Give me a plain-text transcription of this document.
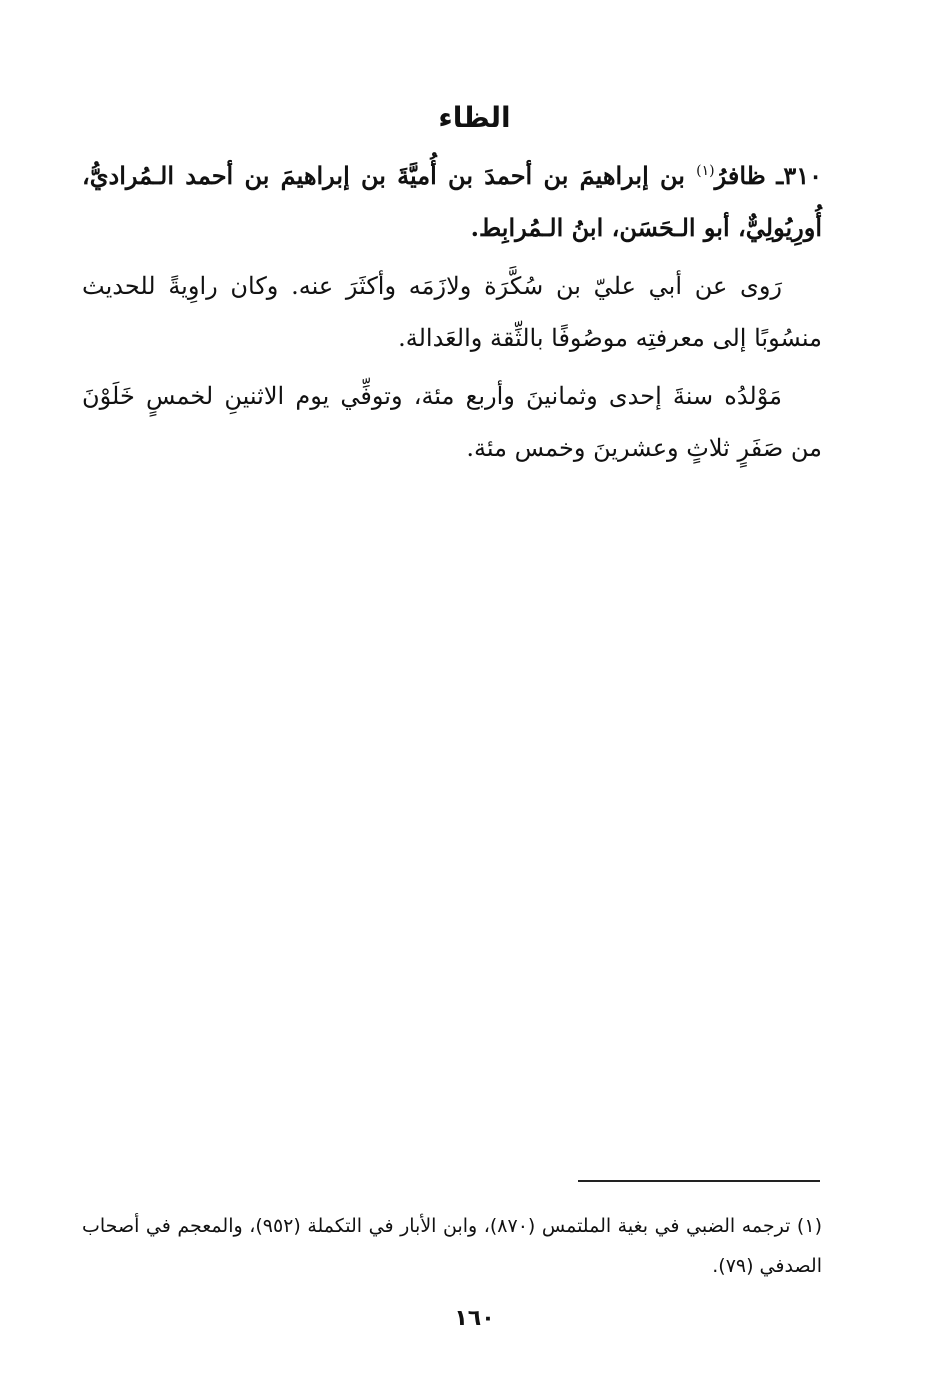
الظاء

٣١٠ـ ظافرُ$^{(١)}$ بن إبراهيمَ بن أحمدَ بن أُميَّةَ بن إبراهيمَ بن أحمد الـمُراديُّ، أُورِيُولِيٌّ، أبو الـحَسَن، ابنُ الـمُرابِط.

رَوى عن أبي عليّ بن سُكَّرَة ولازَمَه وأكثَرَ عنه. وكان راوِيةً للحديث منسُوبًا إلى معرفتِه موصُوفًا بالثِّقة والعَدالة.

مَوْلدُه سنةَ إحدى وثمانينَ وأربع مئة، وتوفِّي يوم الاثنينِ لخمسٍ خَلَوْنَ من صَفَرٍ ثلاثٍ وعشرينَ وخمس مئة.

(١) ترجمه الضبي في بغية الملتمس (٨٧٠)، وابن الأبار في التكملة (٩٥٢)، والمعجم في أصحاب الصدفي (٧٩).
١٦٠
